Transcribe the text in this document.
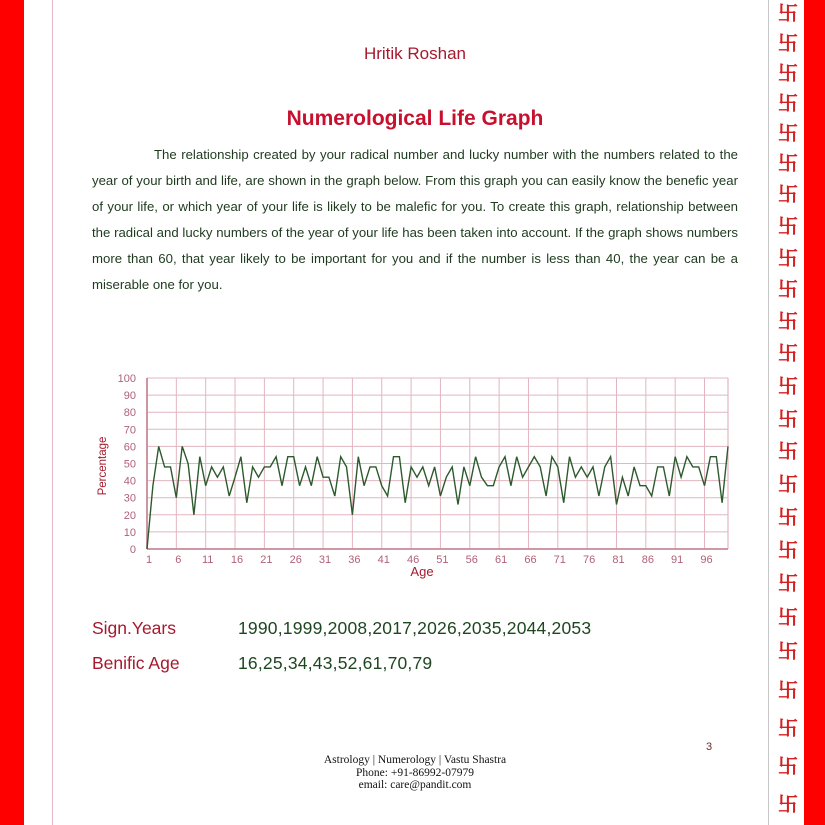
卐
卐
卐
卐
卐
卐
卐
卐
卐
卐
卐
卐
卐
卐
卐
卐
卐
卐
卐
卐
卐
卐
卐
卐
卐
Hritik Roshan
Numerological Life Graph
The relationship created by your radical number and lucky number with the numbers related to the year of your birth and life, are shown in the graph below. From this graph you can easily know the benefic year of your life, or which year of your life is likely to be malefic for you. To create this graph, relationship between the radical and lucky numbers of the year of your life has been taken into account. If the graph shows numbers more than 60, that year likely to be important for you and if the number is less than 40, the year can be a miserable one for you.
0
10
20
30
40
50
60
70
80
90
100
1 6 11 16 21 26 31 36 41 46 51 56 61 66 71 76 81 86 91 96
Age
Percentage
Sign.Years	1990,1999,2008,2017,2026,2035,2044,2053
Benific Age	16,25,34,43,52,61,70,79
3
Astrology | Numerology | Vastu Shastra
Phone: +91-86992-07979
email: care@pandit.com
